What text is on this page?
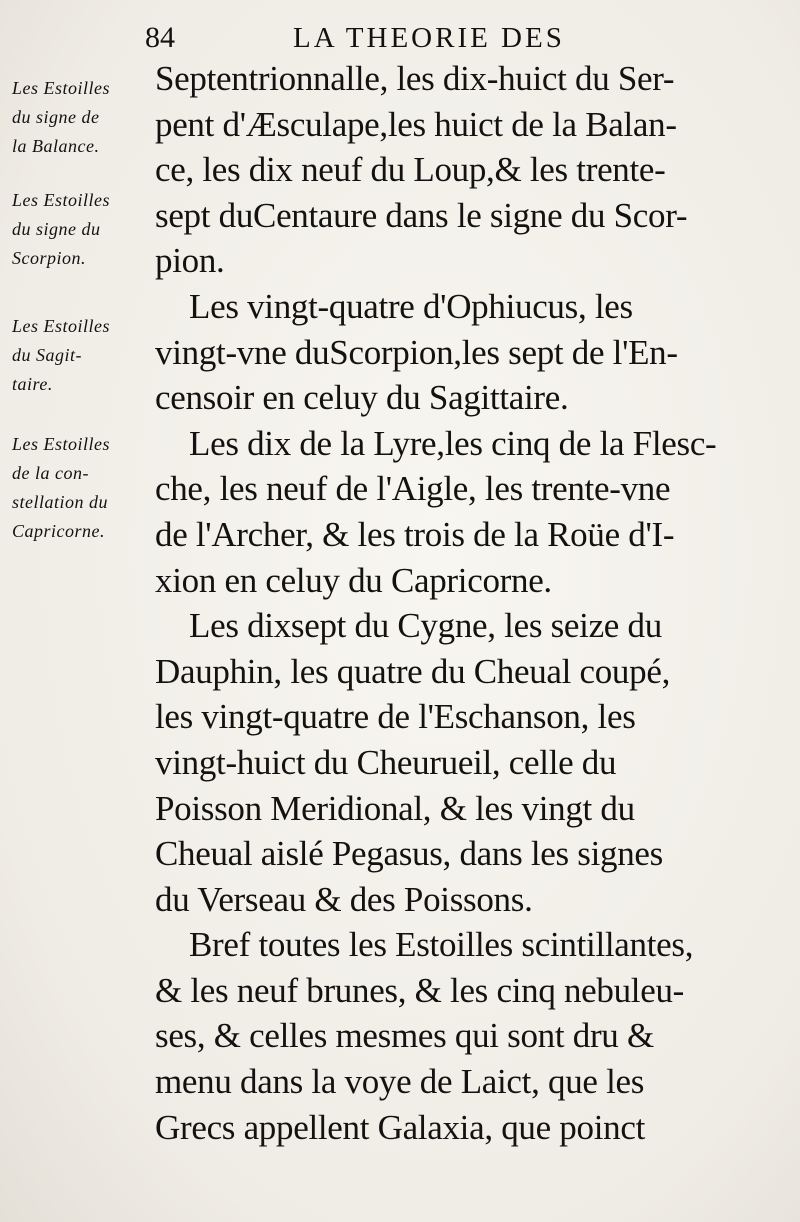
84	LA THEORIE DES
Les Estoilles
du signe de
la Balance.
Les Estoilles
du signe du
Scorpion.
Les Estoilles
du Sagit-
taire.
Les Estoilles
de la con-
stellation du
Capricorne.
Septentrionnalle, les dix-huict du Ser-
pent d'Æsculape,les huict de la Balan-
ce, les dix neuf du Loup,& les trente-
sept duCentaure dans le signe du Scor-
pion.
Les vingt-quatre d'Ophiucus, les
vingt-vne duScorpion,les sept de l'En-
censoir en celuy du Sagittaire.
Les dix de la Lyre,les cinq de la Flesс-
che, les neuf de l'Aigle, les trente-vne
de l'Archer, & les trois de la Roüe d'I-
xion en celuy du Capricorne.
Les dixsept du Cygne, les seize du
Dauphin, les quatre du Cheual coupé,
les vingt-quatre de l'Eschanson, les
vingt-huict du Cheurueil, celle du
Poisson Meridional, & les vingt du
Cheual aislé Pegasus, dans les signes
du Verseau & des Poissons.
Bref toutes les Estoilles scintillantes,
& les neuf brunes, & les cinq nebuleu-
ses, & celles mesmes qui sont dru &
menu dans la voye de Laict, que les
Grecs appellent Galaxia, que poinct
